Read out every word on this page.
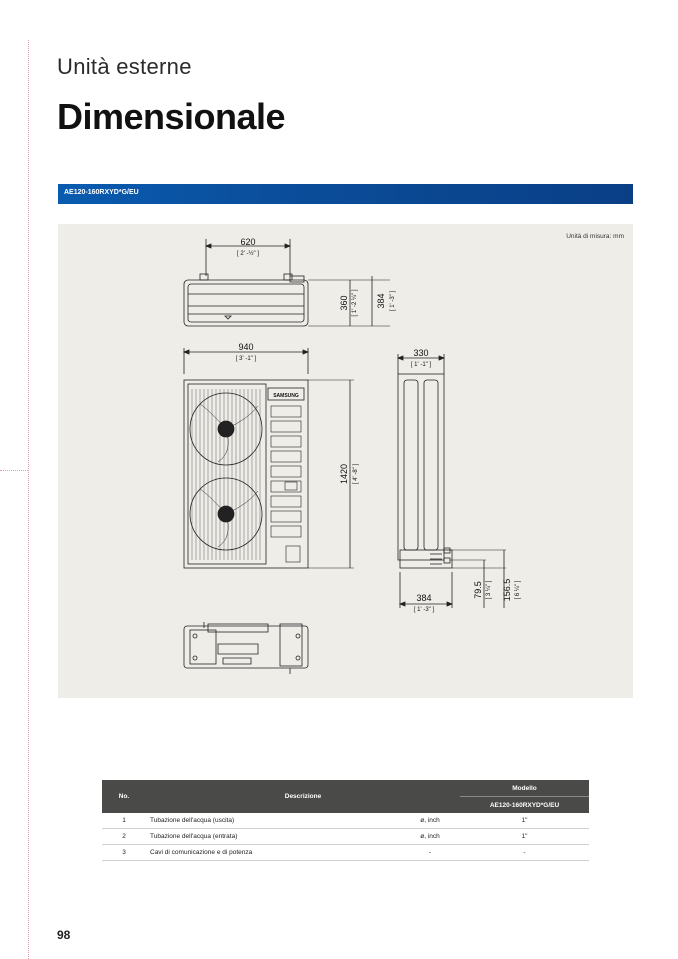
Unità esterne
Dimensionale
AE120-160RXYD*G/EU
Unità di misura: mm
620
[ 2' -½" ]
940
[ 3' -1" ]
330
[ 1' -1" ]
384
[ 1' -3" ]
360 [ 1' -2 ¼" ] 384 [ 1' -3" ]
1420 [ 4' -8" ]
79.5 [ 3 ¼" ] 156.5 [ 6 ¼" ]
SAMSUNG
No.	Descrizione		Modello
			AE120-160RXYD*G/EU
1	Tubazione dell'acqua (uscita)	ø, inch	1"
2	Tubazione dell'acqua (entrata)	ø, inch	1"
3	Cavi di comunicazione e di potenza	-	-
98
